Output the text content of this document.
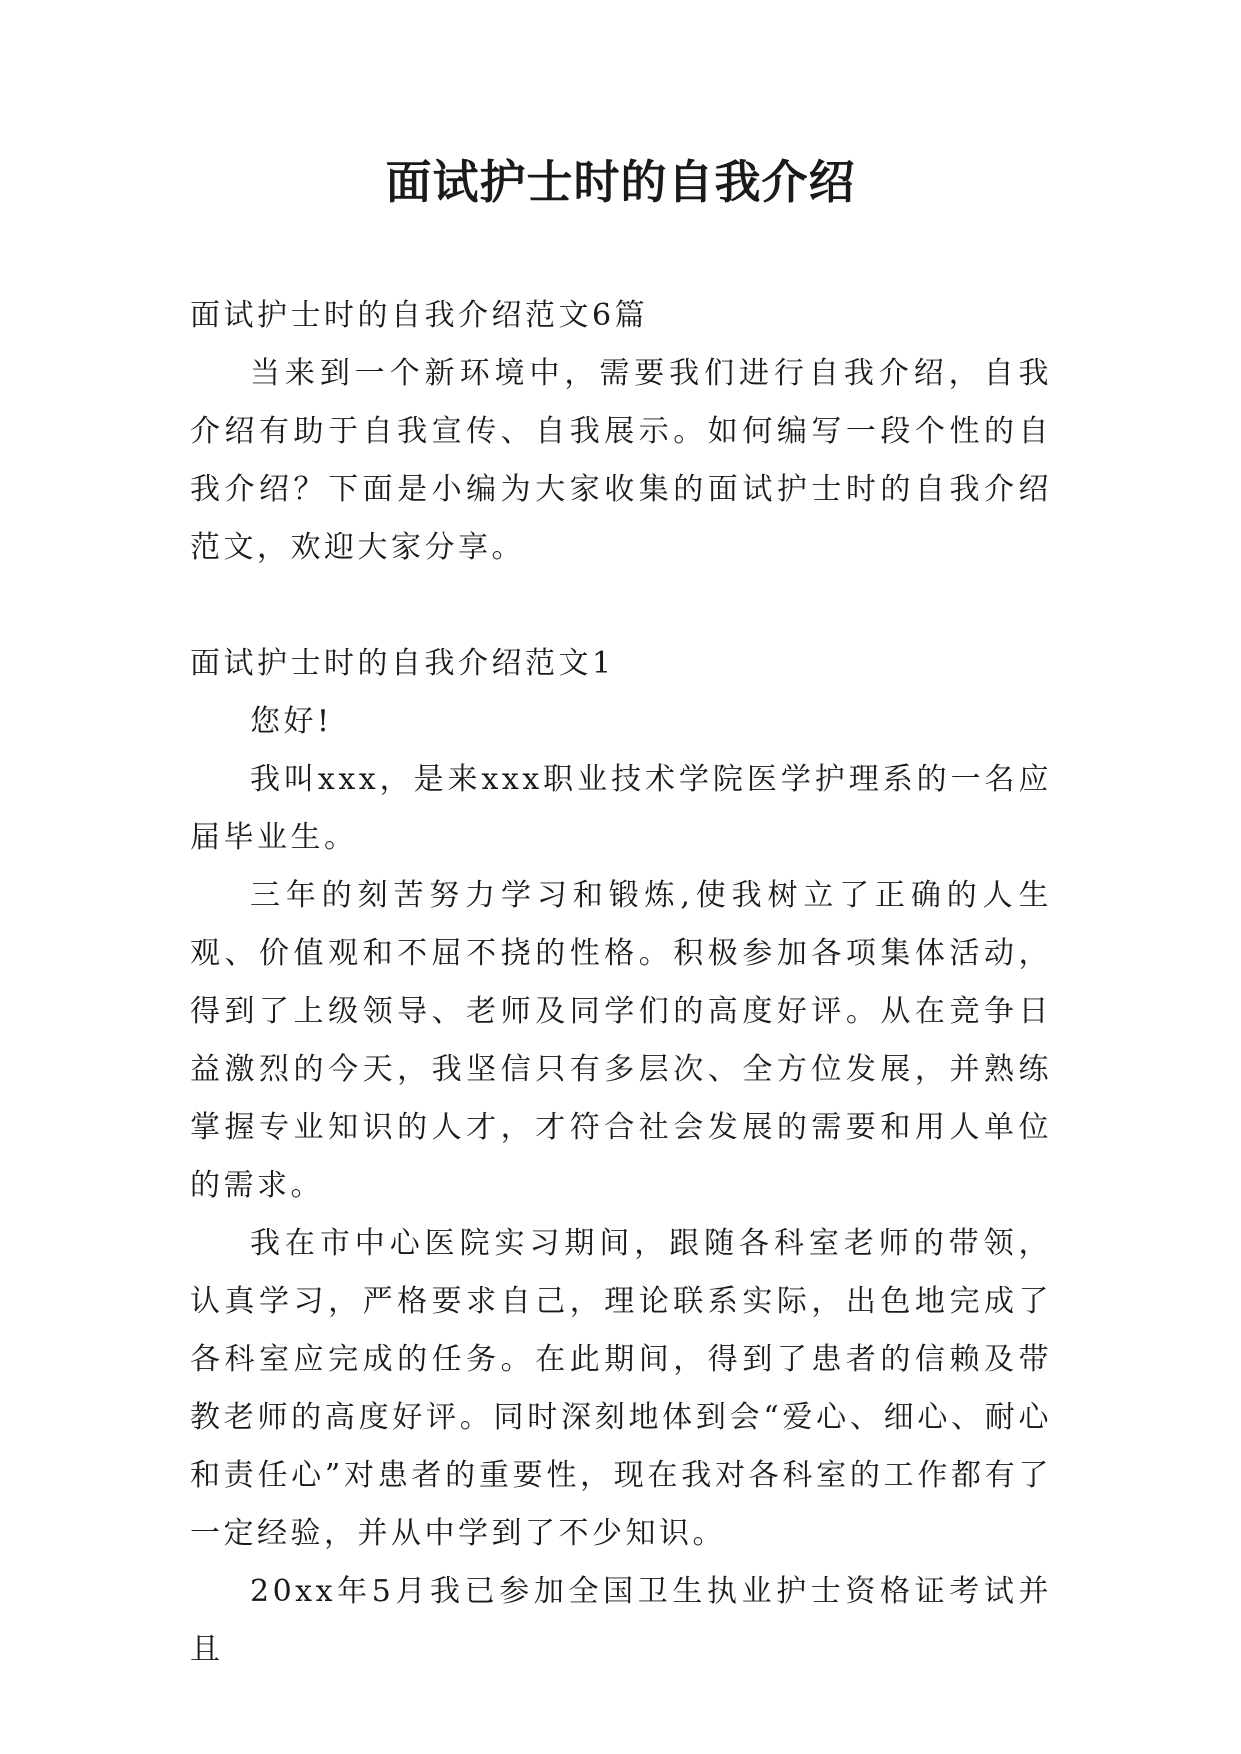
面试护士时的自我介绍

面试护士时的自我介绍范文6篇

当来到一个新环境中，需要我们进行自我介绍，自我介绍有助于自我宣传、自我展示。如何编写一段个性的自我介绍？下面是小编为大家收集的面试护士时的自我介绍范文，欢迎大家分享。

面试护士时的自我介绍范文1

您好!

我叫xxx，是来xxx职业技术学院医学护理系的一名应届毕业生。

三年的刻苦努力学习和锻炼,使我树立了正确的人生观、价值观和不屈不挠的性格。积极参加各项集体活动，得到了上级领导、老师及同学们的高度好评。从在竞争日益激烈的今天，我坚信只有多层次、全方位发展，并熟练掌握专业知识的人才，才符合社会发展的需要和用人单位的需求。

我在市中心医院实习期间，跟随各科室老师的带领，认真学习，严格要求自己，理论联系实际，出色地完成了各科室应完成的任务。在此期间，得到了患者的信赖及带教老师的高度好评。同时深刻地体到会“爱心、细心、耐心和责任心”对患者的重要性，现在我对各科室的工作都有了一定经验，并从中学到了不少知识。

20xx年5月我已参加全国卫生执业护士资格证考试并且
